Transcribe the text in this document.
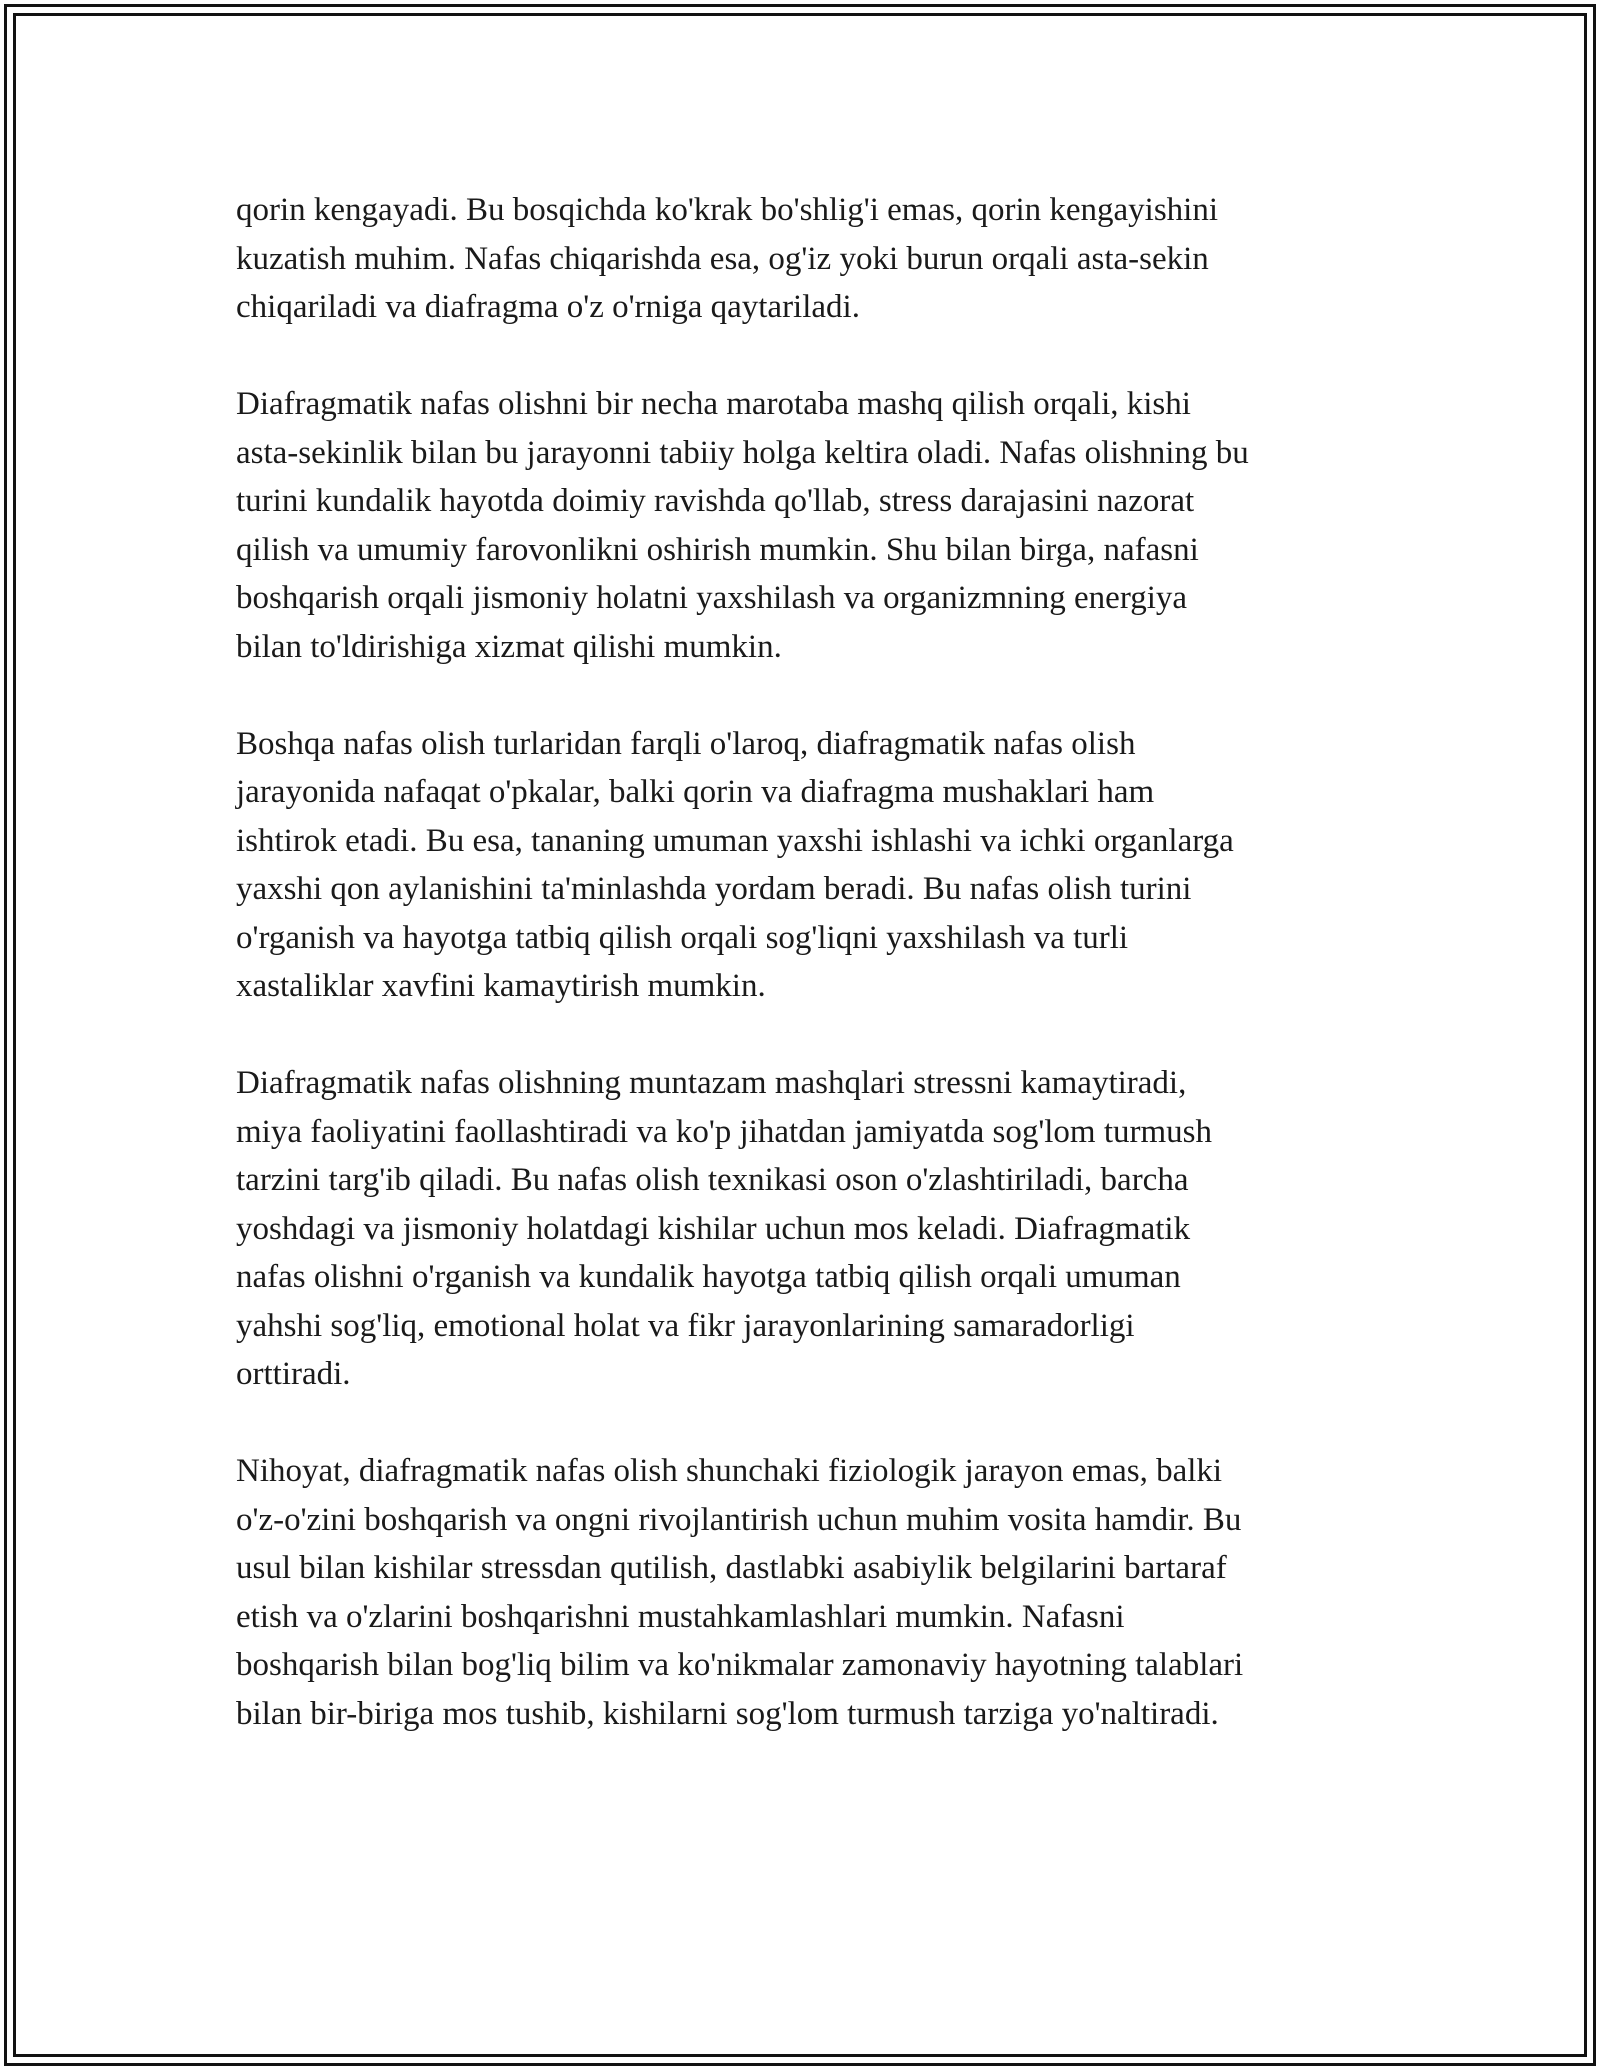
qorin kengayadi. Bu bosqichda ko'krak bo'shlig'i emas, qorin kengayishini
kuzatish muhim. Nafas chiqarishda esa, og'iz yoki burun orqali asta-sekin
chiqariladi va diafragma o'z o'rniga qaytariladi.

Diafragmatik nafas olishni bir necha marotaba mashq qilish orqali, kishi
asta-sekinlik bilan bu jarayonni tabiiy holga keltira oladi. Nafas olishning bu
turini kundalik hayotda doimiy ravishda qo'llab, stress darajasini nazorat
qilish va umumiy farovonlikni oshirish mumkin. Shu bilan birga, nafasni
boshqarish orqali jismoniy holatni yaxshilash va organizmning energiya
bilan to'ldirishiga xizmat qilishi mumkin.

Boshqa nafas olish turlaridan farqli o'laroq, diafragmatik nafas olish
jarayonida nafaqat o'pkalar, balki qorin va diafragma mushaklari ham
ishtirok etadi. Bu esa, tananing umuman yaxshi ishlashi va ichki organlarga
yaxshi qon aylanishini ta'minlashda yordam beradi. Bu nafas olish turini
o'rganish va hayotga tatbiq qilish orqali sog'liqni yaxshilash va turli
xastaliklar xavfini kamaytirish mumkin.

Diafragmatik nafas olishning muntazam mashqlari stressni kamaytiradi,
miya faoliyatini faollashtiradi va ko'p jihatdan jamiyatda sog'lom turmush
tarzini targ'ib qiladi. Bu nafas olish texnikasi oson o'zlashtiriladi, barcha
yoshdagi va jismoniy holatdagi kishilar uchun mos keladi. Diafragmatik
nafas olishni o'rganish va kundalik hayotga tatbiq qilish orqali umuman
yahshi sog'liq, emotional holat va fikr jarayonlarining samaradorligi
orttiradi.

Nihoyat, diafragmatik nafas olish shunchaki fiziologik jarayon emas, balki
o'z-o'zini boshqarish va ongni rivojlantirish uchun muhim vosita hamdir. Bu
usul bilan kishilar stressdan qutilish, dastlabki asabiylik belgilarini bartaraf
etish va o'zlarini boshqarishni mustahkamlashlari mumkin. Nafasni
boshqarish bilan bog'liq bilim va ko'nikmalar zamonaviy hayotning talablari
bilan bir-biriga mos tushib, kishilarni sog'lom turmush tarziga yo'naltiradi.
